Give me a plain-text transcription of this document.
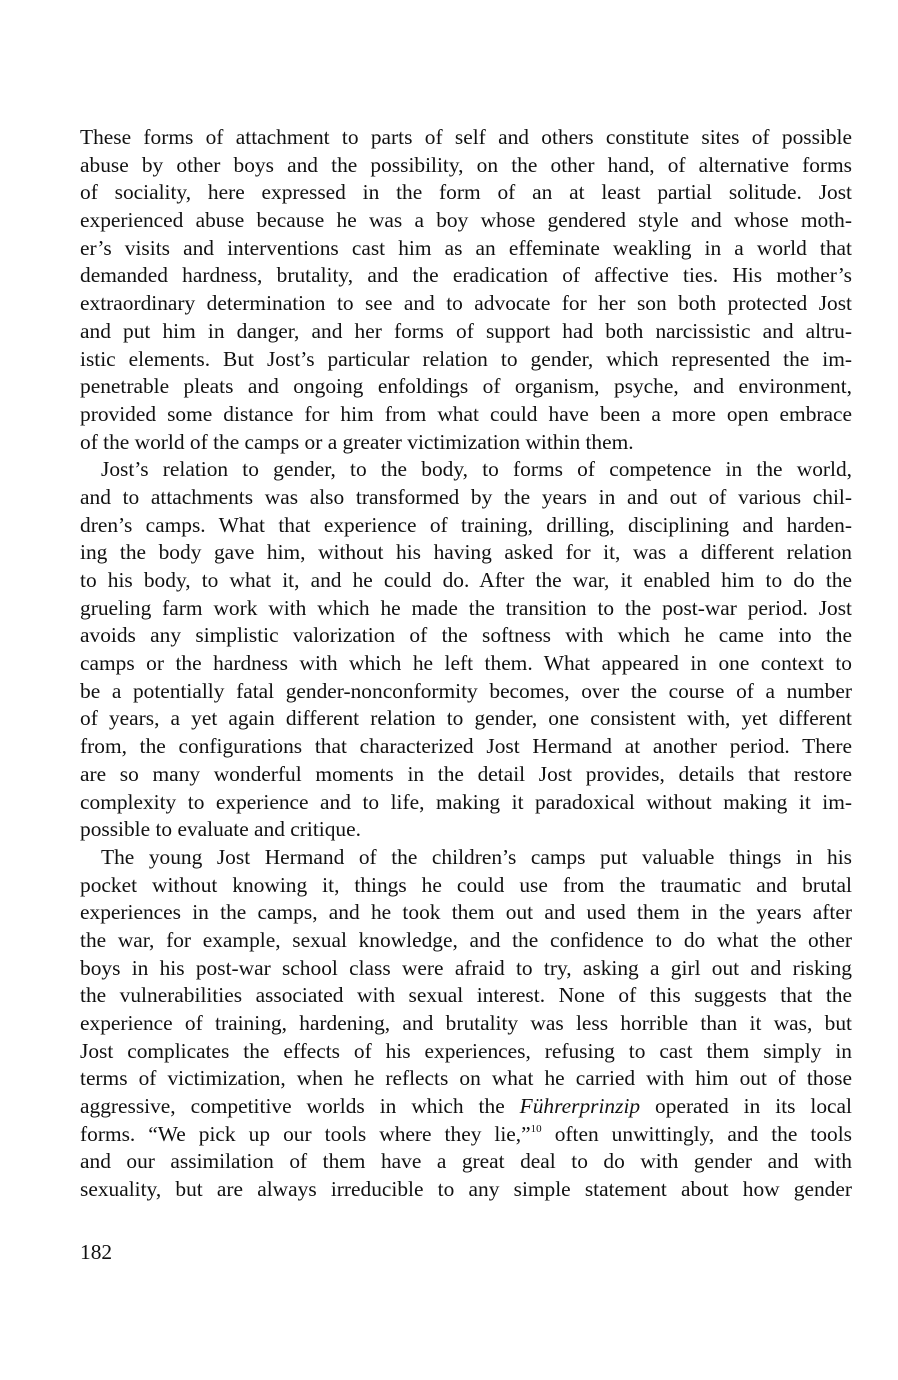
These forms of attachment to parts of self and others constitute sites of possible
abuse by other boys and the possibility, on the other hand, of alternative forms
of sociality, here expressed in the form of an at least partial solitude. Jost
experienced abuse because he was a boy whose gendered style and whose moth-
er’s visits and interventions cast him as an effeminate weakling in a world that
demanded hardness, brutality, and the eradication of affective ties. His mother’s
extraordinary determination to see and to advocate for her son both protected Jost
and put him in danger, and her forms of support had both narcissistic and altru-
istic elements. But Jost’s particular relation to gender, which represented the im-
penetrable pleats and ongoing enfoldings of organism, psyche, and environment,
provided some distance for him from what could have been a more open embrace
of the world of the camps or a greater victimization within them.
Jost’s relation to gender, to the body, to forms of competence in the world,
and to attachments was also transformed by the years in and out of various chil-
dren’s camps. What that experience of training, drilling, disciplining and harden-
ing the body gave him, without his having asked for it, was a different relation
to his body, to what it, and he could do. After the war, it enabled him to do the
grueling farm work with which he made the transition to the post-war period. Jost
avoids any simplistic valorization of the softness with which he came into the
camps or the hardness with which he left them. What appeared in one context to
be a potentially fatal gender-nonconformity becomes, over the course of a number
of years, a yet again different relation to gender, one consistent with, yet different
from, the configurations that characterized Jost Hermand at another period. There
are so many wonderful moments in the detail Jost provides, details that restore
complexity to experience and to life, making it paradoxical without making it im-
possible to evaluate and critique.
The young Jost Hermand of the children’s camps put valuable things in his
pocket without knowing it, things he could use from the traumatic and brutal
experiences in the camps, and he took them out and used them in the years after
the war, for example, sexual knowledge, and the confidence to do what the other
boys in his post-war school class were afraid to try, asking a girl out and risking
the vulnerabilities associated with sexual interest. None of this suggests that the
experience of training, hardening, and brutality was less horrible than it was, but
Jost complicates the effects of his experiences, refusing to cast them simply in
terms of victimization, when he reflects on what he carried with him out of those
aggressive, competitive worlds in which the Führerprinzip operated in its local
forms. “We pick up our tools where they lie,”$^{10}$ often unwittingly, and the tools
and our assimilation of them have a great deal to do with gender and with
sexuality, but are always irreducible to any simple statement about how gender
182
